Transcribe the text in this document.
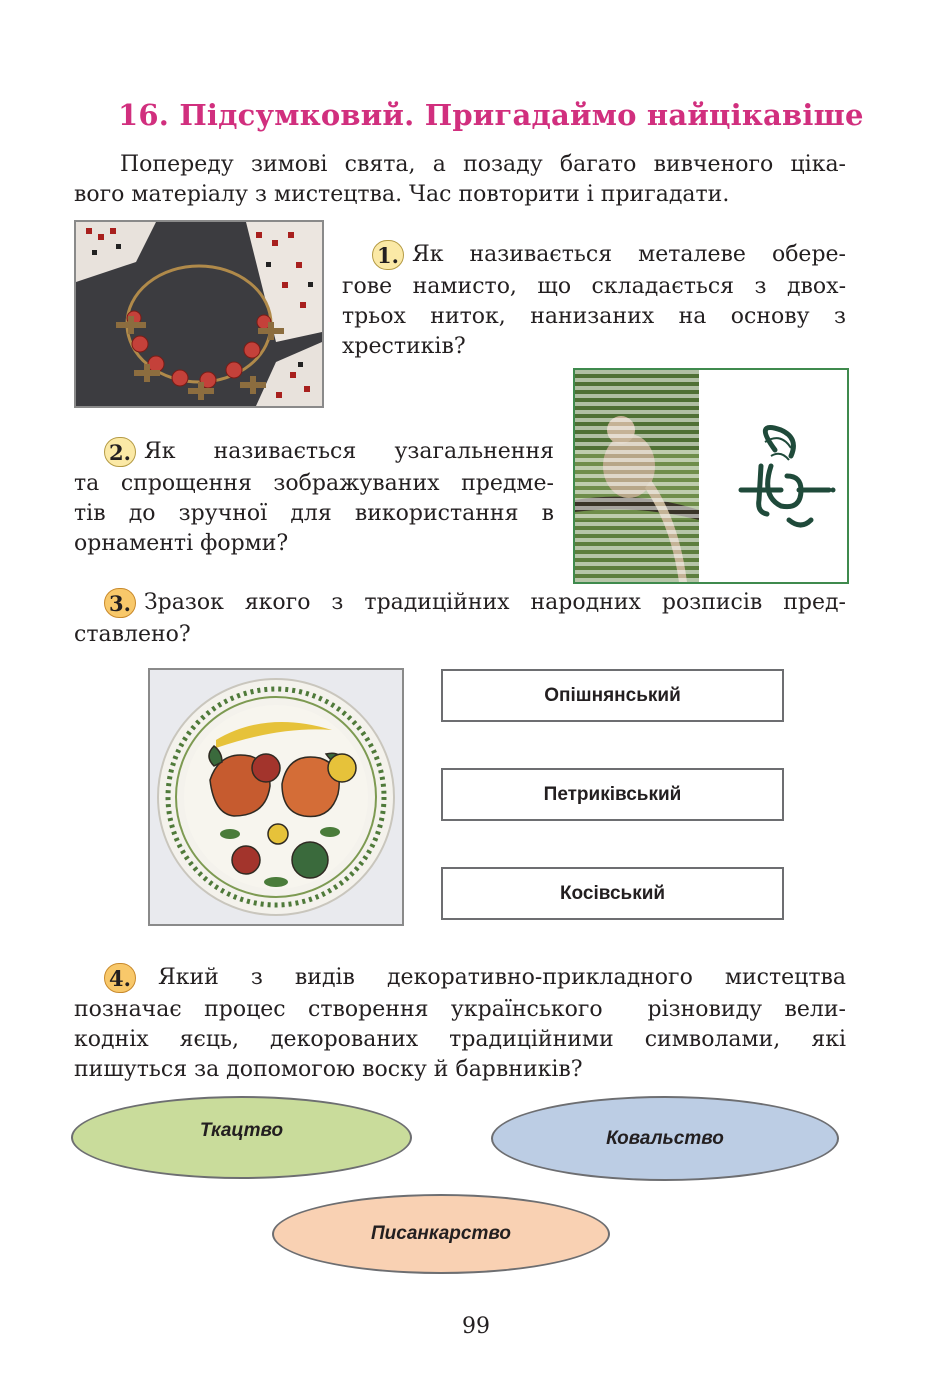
16. Підсумковий. Пригадаймо найцікавіше
Попереду зимові свята, а позаду багато вивченого ціка-
вого матеріалу з мистецтва. Час повторити і пригадати.
1. Як називається металеве обере-
гове намисто, що складається з двох-
трьох ниток, нанизаних на основу з
хрестиків?
2. Як називається узагальнення
та спрощення зображуваних предме-
тів до зручної для використання в
орнаменті форми?
3. Зразок якого з традиційних народних розписів пред-
ставлено?
Опішнянський
Петриківський
Косівський
4. Який з видів декоративно-прикладного мистецтва
позначає процес створення українського  різновиду вели-
кодніх яєць, декорованих традиційними символами, які
пишуться за допомогою воску й барвників?
Ткацтво	Ковальство
Писанкарство
99
